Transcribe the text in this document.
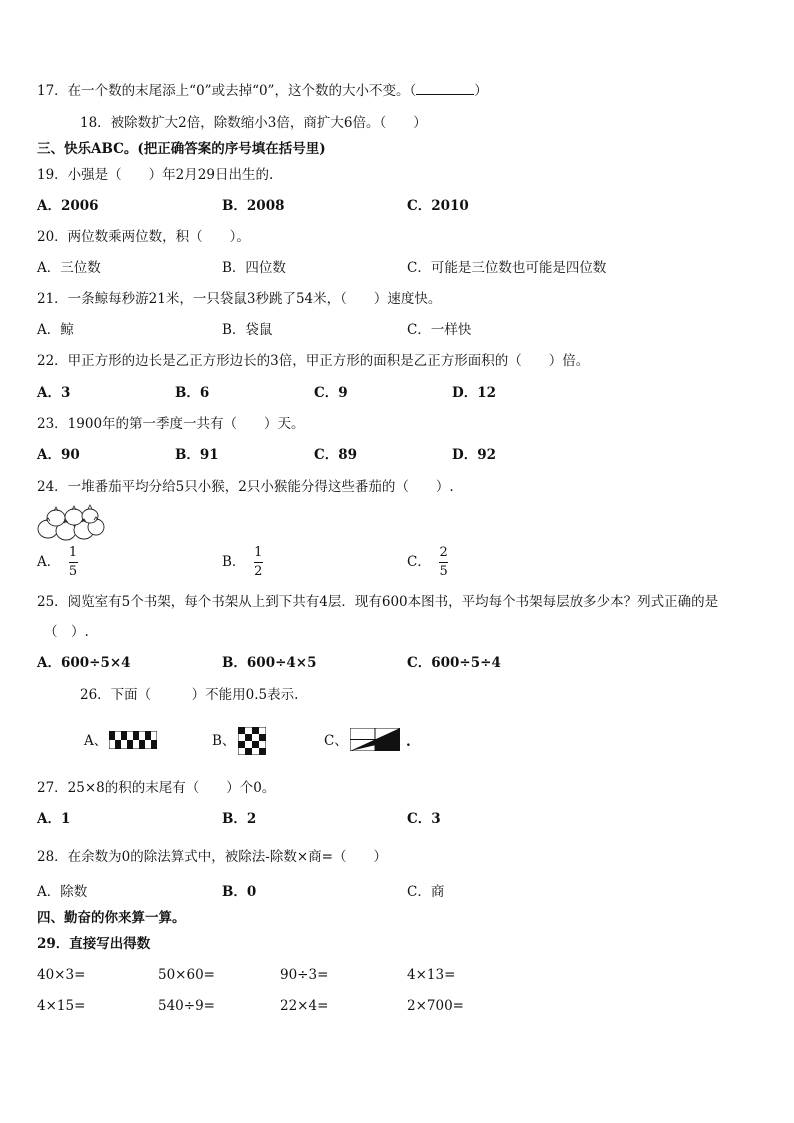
17．在一个数的末尾添上“0”或去掉“0”，这个数的大小不变。（	）
18．被除数扩大2倍，除数缩小3倍，商扩大6倍。（　　）
三、快乐ABC。(把正确答案的序号填在括号里)
19．小强是（　　）年2月29日出生的.
A．2006	B．2008	C．2010
20．两位数乘两位数，积（　　）。
A．三位数	B．四位数	C．可能是三位数也可能是四位数
21．一条鲸每秒游21米，一只袋鼠3秒跳了54米，（　　）速度快。
A．鲸	B．袋鼠	C．一样快
22．甲正方形的边长是乙正方形边长的3倍，甲正方形的面积是乙正方形面积的（　　）倍。
A．3	B．6	C．9	D．12
23．1900年的第一季度一共有（　　）天。
A．90	B．91	C．89	D．92
24．一堆番茄平均分给5只小猴，2只小猴能分得这些番茄的（　　）.
A． $\frac{1}{5}$	B． $\frac{1}{2}$	C． $\frac{2}{5}$
25．阅览室有5个书架，每个书架从上到下共有4层．现有600本图书，平均每个书架每层放多少本？列式正确的是
（　）.
A．600÷5×4	B．600÷4×5	C．600÷5÷4
26．下面（　　　）不能用0.5表示.
A、	B、	C、	.
27．25×8的积的末尾有（　　）个0。
A．1	B．2	C．3
28．在余数为0的除法算式中，被除法-除数×商=（　　）
A．除数	B．0	C．商
四、勤奋的你来算一算。
29．直接写出得数
40×3=	50×60=	90÷3=	4×13=
4×15=	540÷9=	22×4=	2×700=
